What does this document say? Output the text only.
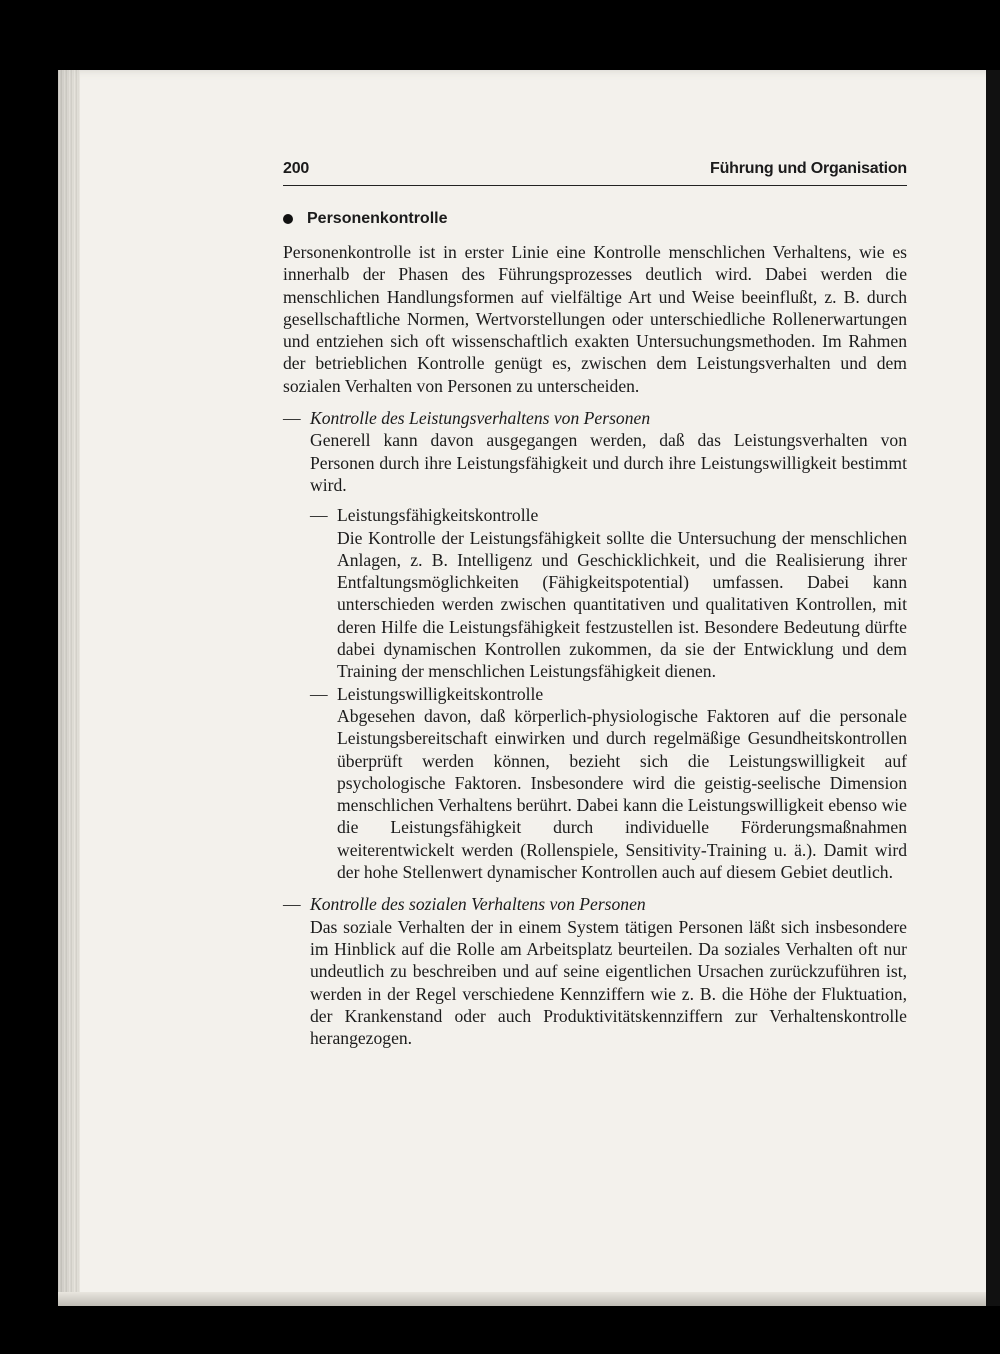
200	Führung und Organisation
Personenkontrolle

Personenkontrolle ist in erster Linie eine Kontrolle menschlichen Verhaltens, wie es innerhalb der Phasen des Führungsprozesses deutlich wird. Dabei werden die menschlichen Handlungsformen auf vielfältige Art und Weise beeinflußt, z. B. durch gesellschaftliche Normen, Wertvorstellungen oder unterschiedliche Rollenerwartungen und entziehen sich oft wissenschaftlich exakten Untersuchungsmethoden. Im Rahmen der betrieblichen Kontrolle genügt es, zwischen dem Leistungsverhalten und dem sozialen Verhalten von Personen zu unterscheiden.

— Kontrolle des Leistungsverhaltens von Personen

Generell kann davon ausgegangen werden, daß das Leistungsverhalten von Personen durch ihre Leistungsfähigkeit und durch ihre Leistungswilligkeit bestimmt wird.

— Leistungsfähigkeitskontrolle

Die Kontrolle der Leistungsfähigkeit sollte die Untersuchung der menschlichen Anlagen, z. B. Intelligenz und Geschicklichkeit, und die Realisierung ihrer Entfaltungsmöglichkeiten (Fähigkeitspotential) umfassen. Dabei kann unterschieden werden zwischen quantitativen und qualitativen Kontrollen, mit deren Hilfe die Leistungsfähigkeit festzustellen ist. Besondere Bedeutung dürfte dabei dynamischen Kontrollen zukommen, da sie der Entwicklung und dem Training der menschlichen Leistungsfähigkeit dienen.

— Leistungswilligkeitskontrolle

Abgesehen davon, daß körperlich-physiologische Faktoren auf die personale Leistungsbereitschaft einwirken und durch regelmäßige Gesundheitskontrollen überprüft werden können, bezieht sich die Leistungswilligkeit auf psychologische Faktoren. Insbesondere wird die geistig-seelische Dimension menschlichen Verhaltens berührt. Dabei kann die Leistungswilligkeit ebenso wie die Leistungsfähigkeit durch individuelle Förderungsmaßnahmen weiterentwickelt werden (Rollenspiele, Sensitivity-Training u. ä.). Damit wird der hohe Stellenwert dynamischer Kontrollen auch auf diesem Gebiet deutlich.

— Kontrolle des sozialen Verhaltens von Personen

Das soziale Verhalten der in einem System tätigen Personen läßt sich insbesondere im Hinblick auf die Rolle am Arbeitsplatz beurteilen. Da soziales Verhalten oft nur undeutlich zu beschreiben und auf seine eigentlichen Ursachen zurückzuführen ist, werden in der Regel verschiedene Kennziffern wie z. B. die Höhe der Fluktuation, der Krankenstand oder auch Produktivitätskennziffern zur Verhaltenskontrolle herangezogen.
